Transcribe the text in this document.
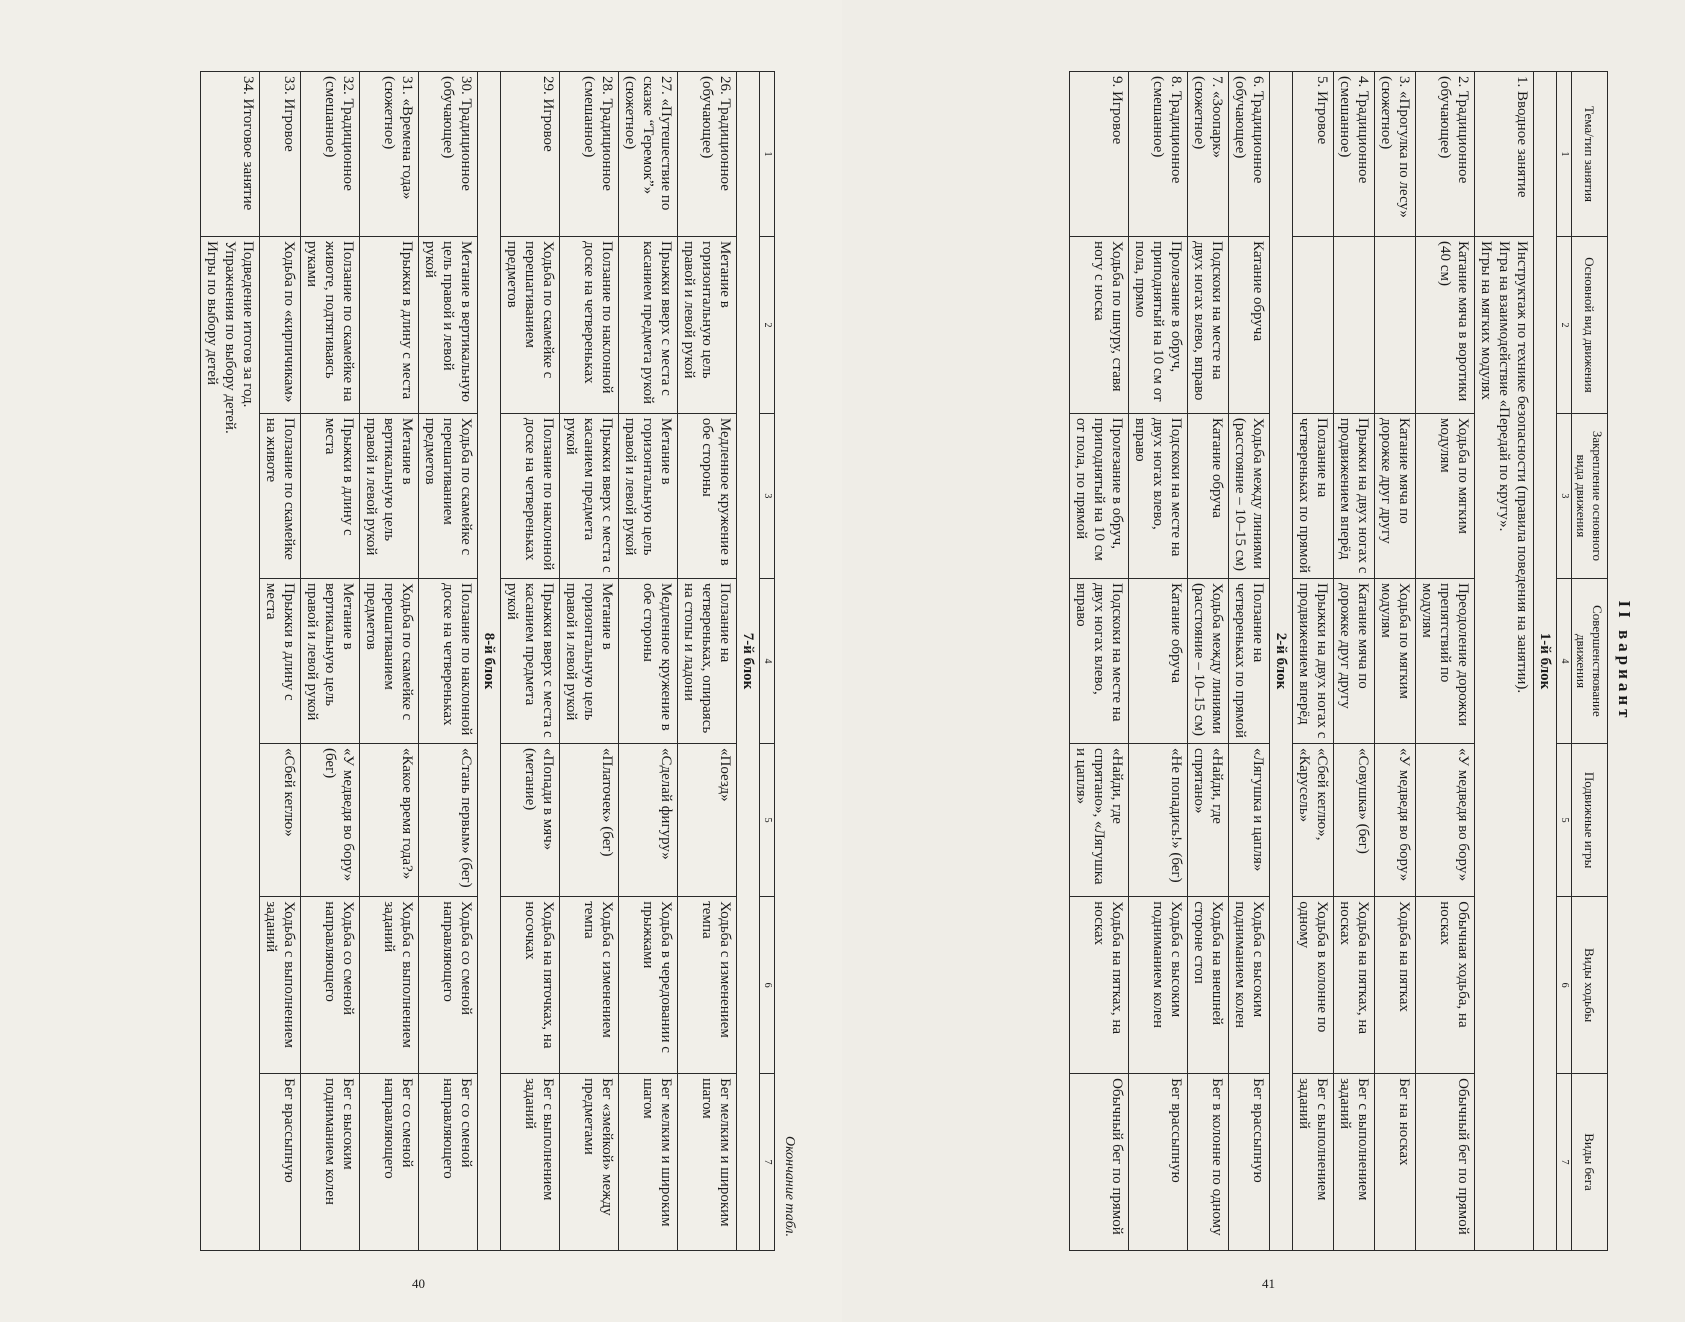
Окончание табл.
1	2	3	4	5	6	7
7-й блок						
26. Традиционное (обучающее)	Метание в горизонтальную цель правой и левой рукой	Медленное кружение в обе стороны	Ползание на четвереньках, опираясь на стопы и ладони	«Поезд»	Ходьба с изменением темпа	Бег мелким и широким шагом
27. «Путешествие по сказке “Теремок”» (сюжетное)	Прыжки вверх с места с касанием предмета рукой	Метание в горизонтальную цель правой и левой рукой	Медленное кружение в обе стороны	«Сделай фигуру»	Ходьба в чередовании с прыжками	Бег мелким и широким шагом
28. Традиционное (смешанное)	Ползание по наклонной доске на четвереньках	Прыжки вверх с места с касанием предмета рукой	Метание в горизонтальную цель правой и левой рукой	«Платочек» (бег)	Ходьба с изменением темпа	Бег «змейкой» между предметами
29. Игровое	Ходьба по скамейке с перешагиванием предметов	Ползание по наклонной доске на четвереньках	Прыжки вверх с места с касанием предмета рукой	«Попади в мяч» (метание)	Ходьба на пяточках, на носочках	Бег с выполнением заданий
8-й блок						
30. Традиционное (обучающее)	Метание в вертикальную цель правой и левой рукой	Ходьба по скамейке с перешагиванием предметов	Ползание по наклонной доске на четвереньках	«Стань первым» (бег)	Ходьба со сменой направляющего	Бег со сменой направляющего
31. «Времена года» (сюжетное)	Прыжки в длину с места	Метание в вертикальную цель правой и левой рукой	Ходьба по скамейке с перешагиванием предметов	«Какое время года?»	Ходьба с выполнением заданий	Бег со сменой направляющего
32. Традиционное (смешанное)	Ползание по скамейке на животе, подтягиваясь руками	Прыжки в длину с места	Метание в вертикальную цель правой и левой рукой	«У медведя во бору» (бег)	Ходьба со сменой направляющего	Бег с высоким подниманием колен
33. Игровое	Ходьба по «кирпичикам»	Ползание по скамейке на животе	Прыжки в длину с места	«Сбей кеглю»	Ходьба с выполнением заданий	Бег врассыпную
34. Итоговое занятие	Подведение итогов за год.
Упражнения по выбору детей.
Игры по выбору детей					
40
II вариант
Тема/тип занятия	Основной вид движения	Закрепление основного вида движения	Совершенствование движения	Подвижные игры	Виды ходьбы	Виды бега
1	2	3	4	5	6	7
1-й блок						
1. Вводное занятие	Инструктаж по технике безопасности (правила поведения на занятии).
Игра на взаимодействие «Передай по кругу».
Игры на мягких модулях					

2. Традиционное (обучающее)	Катание мяча в воротики (40 см)	Ходьба по мягким модулям	Преодоление дорожки препятствий по модулям	«У медведя во бору»	Обычная ходьба, на носках	Обычный бег по прямой
3. «Прогулка по лесу» (сюжетное)		Катание мяча по дорожке друг другу	Ходьба по мягким модулям	«У медведя во бору»	Ходьба на пятках	Бег на носках
4. Традиционное (смешанное)		Прыжки на двух ногах с продвижением вперёд	Катание мяча по дорожке друг другу	«Совушка» (бег)	Ходьба на пятках, на носках	Бег с выполнением заданий
5. Игровое		Ползание на четвереньках по прямой	Прыжки на двух ногах с продвижением вперёд	«Сбей кеглю», «Карусель»	Ходьба в колонне по одному	Бег с выполнением заданий
2-й блок						
6. Традиционное (обучающее)	Катание обруча	Ходьба между линиями (расстояние – 10–15 см)	Ползание на четвереньках по прямой	«Лягушка и цапля»	Ходьба с высоким подниманием колен	Бег врассыпную
7. «Зоопарк» (сюжетное)	Подскоки на месте на двух ногах влево, вправо	Катание обруча	Ходьба между линиями (расстояние – 10–15 см)	«Найди, где спрятано»	Ходьба на внешней стороне стоп	Бег в колонне по одному
8. Традиционное (смешанное)	Пролезание в обруч, приподнятый на 10 см от пола, прямо	Подскоки на месте на двух ногах влево, вправо	Катание обруча	«Не попадись!» (бег)	Ходьба с высоким подниманием колен	Бег врассыпную
9. Игровое	Ходьба по шнуру, ставя ногу с носка	Пролезание в обруч, приподнятый на 10 см от пола, по прямой	Подскоки на месте на двух ногах влево, вправо	«Найди, где спрятано», «Лягушка и цапля»	Ходьба на пятках, на носках	Обычный бег по прямой
41
